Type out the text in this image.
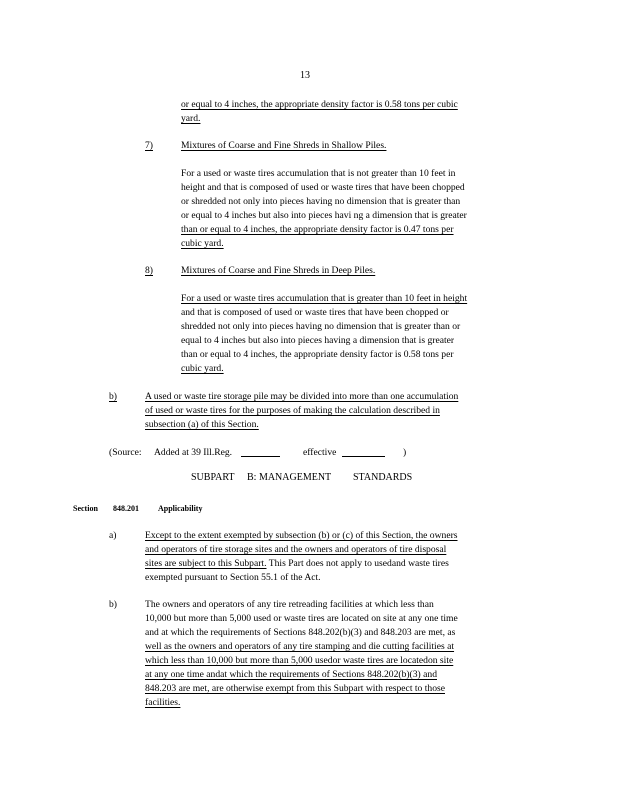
13
or equal to 4 inches, the appropriate density factor is 0.58 tons per cubic
yard.
7)	Mixtures of Coarse and Fine Shreds in Shallow Piles.
For a used or waste tires accumulation that is not greater than 10 feet in
height and that is composed of used or waste tires that have been chopped
or shredded not only into pieces having no dimension that is greater than
or equal to 4 inches but also into pieces havi ng a dimension that is greater
than or equal to 4 inches, the appropriate density factor is 0.47 tons per
cubic yard.
8)	Mixtures of Coarse and Fine Shreds in Deep Piles.
For a used or waste tires accumulation that is greater than 10 feet in height
and that is composed of used or waste tires that have been chopped or
shredded not only into pieces having no dimension that is greater than or
equal to 4 inches but also into pieces having a dimension that is greater
than or equal to 4 inches, the appropriate density factor is 0.58 tons per
cubic yard.
b)	A used or waste tire storage pile may be divided into more than one accumulation
of used or waste tires for the purposes of making the calculation described in
subsection (a) of this Section.
(Source: Added at 39 Ill.Reg.	effective	)
SUBPART B: MANAGEMENT STANDARDS
Section 848.201 Applicability
a)	Except to the extent exempted by subsection (b) or (c) of this Section, the owners
and operators of tire storage sites and the owners and operators of tire disposal
sites are subject to this Subpart. This Part does not apply to usedand waste tires
exempted pursuant to Section 55.1 of the Act.
b)	The owners and operators of any tire retreading facilities at which less than
10,000 but more than 5,000 used or waste tires are located on site at any one time
and at which the requirements of Sections 848.202(b)(3) and 848.203 are met, as
well as the owners and operators of any tire stamping and die cutting facilities at
which less than 10,000 but more than 5,000 usedor waste tires are locatedon site
at any one time andat which the requirements of Sections 848.202(b)(3) and
848.203 are met, are otherwise exempt from this Subpart with respect to those
facilities.
